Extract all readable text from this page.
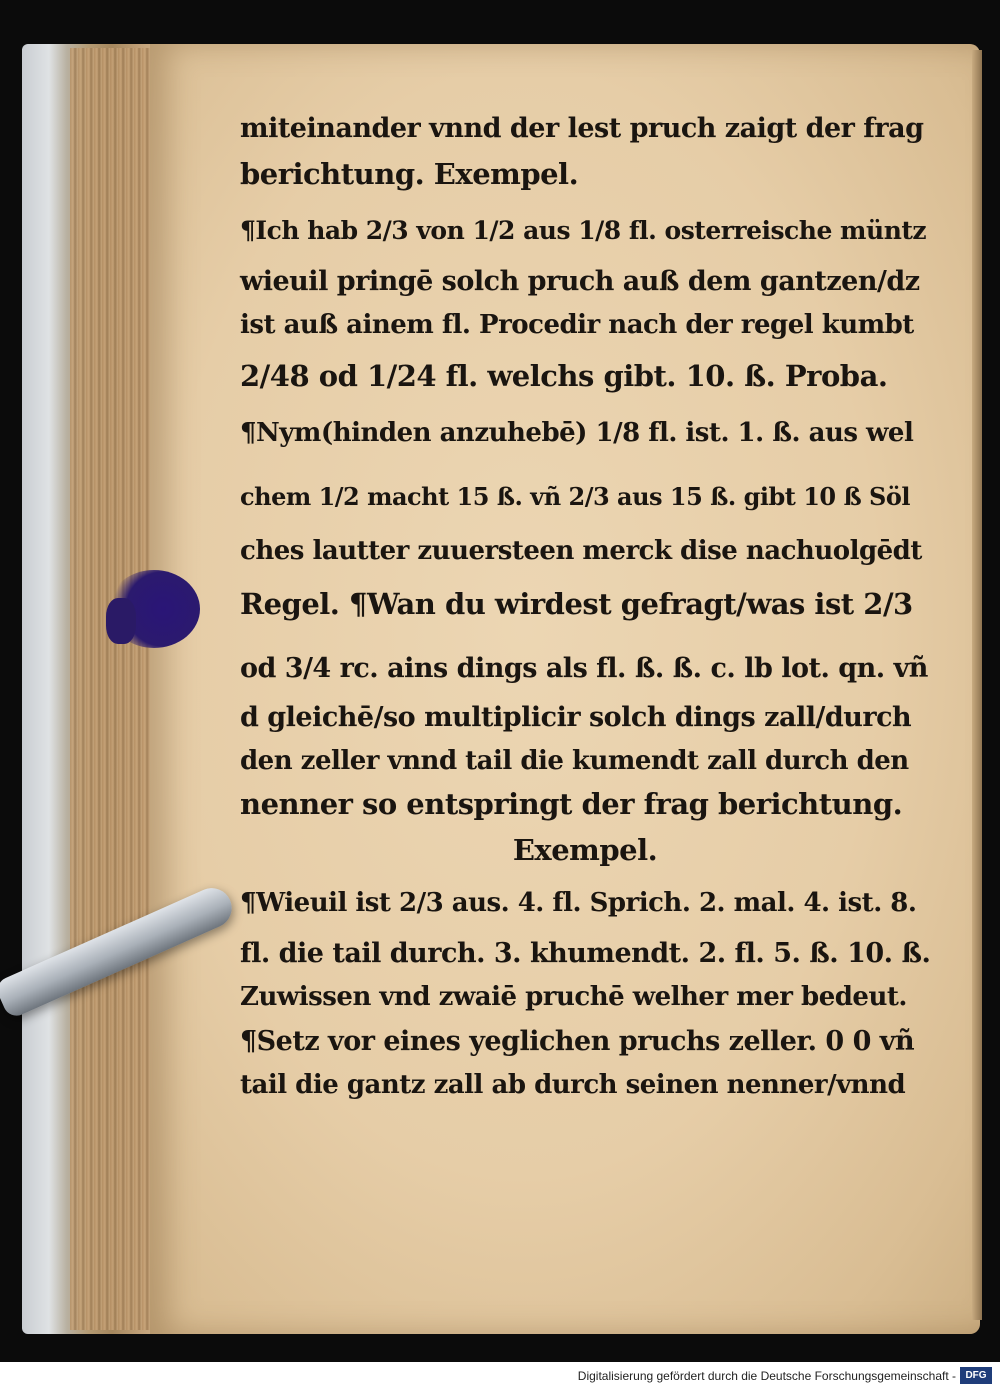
miteinander vnnd der lest pruch zaigt der frag
berichtung. Exempel.
¶Ich hab 2/3 von 1/2 aus 1/8 fl. osterreische müntz
wieuil pringē solch pruch auß dem gantzen/dz
ist auß ainem fl. Procedir nach der regel kumbt
2/48 od 1/24 fl. welchs gibt. 10. ß. Proba.
¶Nym(hinden anzuhebē) 1/8 fl. ist. 1. ß. aus wel
chem 1/2 macht 15 ß. vñ 2/3 aus 15 ß. gibt 10 ß Söl
ches lautter zuuersteen merck dise nachuolgēdt
Regel. ¶Wan du wirdest gefragt/was ist 2/3
od 3/4 rc. ains dings als fl. ß. ß. c. lb lot. qn. vñ
d gleichē/so multiplicir solch dings zall/durch
den zeller vnnd tail die kumendt zall durch den
nenner so entspringt der frag berichtung.
Exempel.
¶Wieuil ist 2/3 aus. 4. fl. Sprich. 2. mal. 4. ist. 8.
fl. die tail durch. 3. khumendt. 2. fl. 5. ß. 10. ß.
Zuwissen vnd zwaiē pruchē welher mer bedeut.
¶Setz vor eines yeglichen pruchs zeller. 0 0 vñ
tail die gantz zall ab durch seinen nenner/vnnd
Digitalisierung gefördert durch die Deutsche Forschungsgemeinschaft - DFG
